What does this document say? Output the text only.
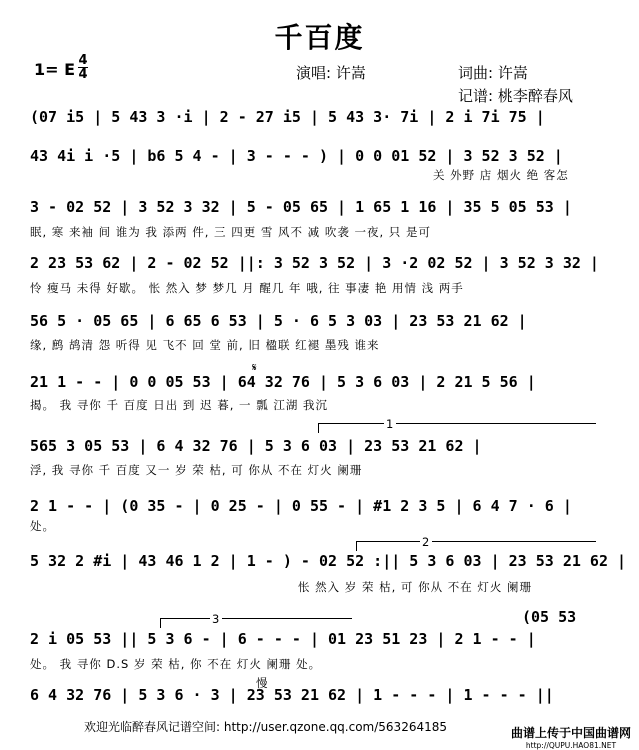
千百度
1= E 4
4	演唱: 许嵩	词曲: 许嵩
记谱: 桃李醉春风
(07 i5 | 5 43 3 ·i | 2 - 27 i5 | 5 43 3· 7i | 2 i 7i 75 |
43 4i i ·5 | b6 5 4 - | 3 - - - ) | 0 0 01 52 | 3 52 3 52 |
关 外野 店 烟火 绝 客怎
3 - 02 52 | 3 52 3 32 | 5 - 05 65 | 1 65 1 16 | 35 5 05 53 |
眠, 寒 来袖 间 谁为 我 添两 件, 三 四更 雪 风不 减 吹袭 一夜, 只 是可
2 23 53 62 | 2 - 02 52 ||: 3 52 3 52 | 3 ·2 02 52 | 3 52 3 32 |
怜 瘦马 未得 好歇。 怅 然入 梦 梦几 月 醒几 年 哦, 往 事凄 艳 用情 浅 两手
56 5 · 05 65 | 6 65 6 53 | 5 · 6 5 3 03 | 23 53 21 62 |
缘, 鹧 鸪清 怨 听得 见 飞不 回 堂 前, 旧 楹联 红褪 墨残 谁来
21 1 - - | 0 0 05 53 | 64 32 76 | 5 3 6 03 | 2 21 5 56 |
揭。 我 寻你 千 百度 日出 到 迟 暮, 一 瓢 江湖 我沉
565 3 05 53 | 6 4 32 76 | 5 3 6 03 | 23 53 21 62 |
浮, 我 寻你 千 百度 又一 岁 荣 枯, 可 你从 不在 灯火 阑珊
2 1 - - | (0 35 - | 0 25 - | 0 55 - | #1 2 3 5 | 6 4 7 · 6 |
处。
5 32 2 #i | 43 46 1 2 | 1 - ) - 02 52 :|| 5 3 6 03 | 23 53 21 62 |
怅 然入 岁 荣 枯, 可 你从 不在 灯火 阑珊
(05 53
2 i 05 53 || 5 3 6 - | 6 - - - | 01 23 51 23 | 2 1 - - |
处。 我 寻你 D.S 岁 荣 枯, 你 不在 灯火 阑珊 处。
慢
6 4 32 76 | 5 3 6 · 3 | 23 53 21 62 | 1 - - - | 1 - - - ||
1
2
3
𝄋
欢迎光临醉春风记谱空间: http://user.qzone.qq.com/563264185	曲谱上传于中国曲谱网
http://QUPU.HAO81.NET
